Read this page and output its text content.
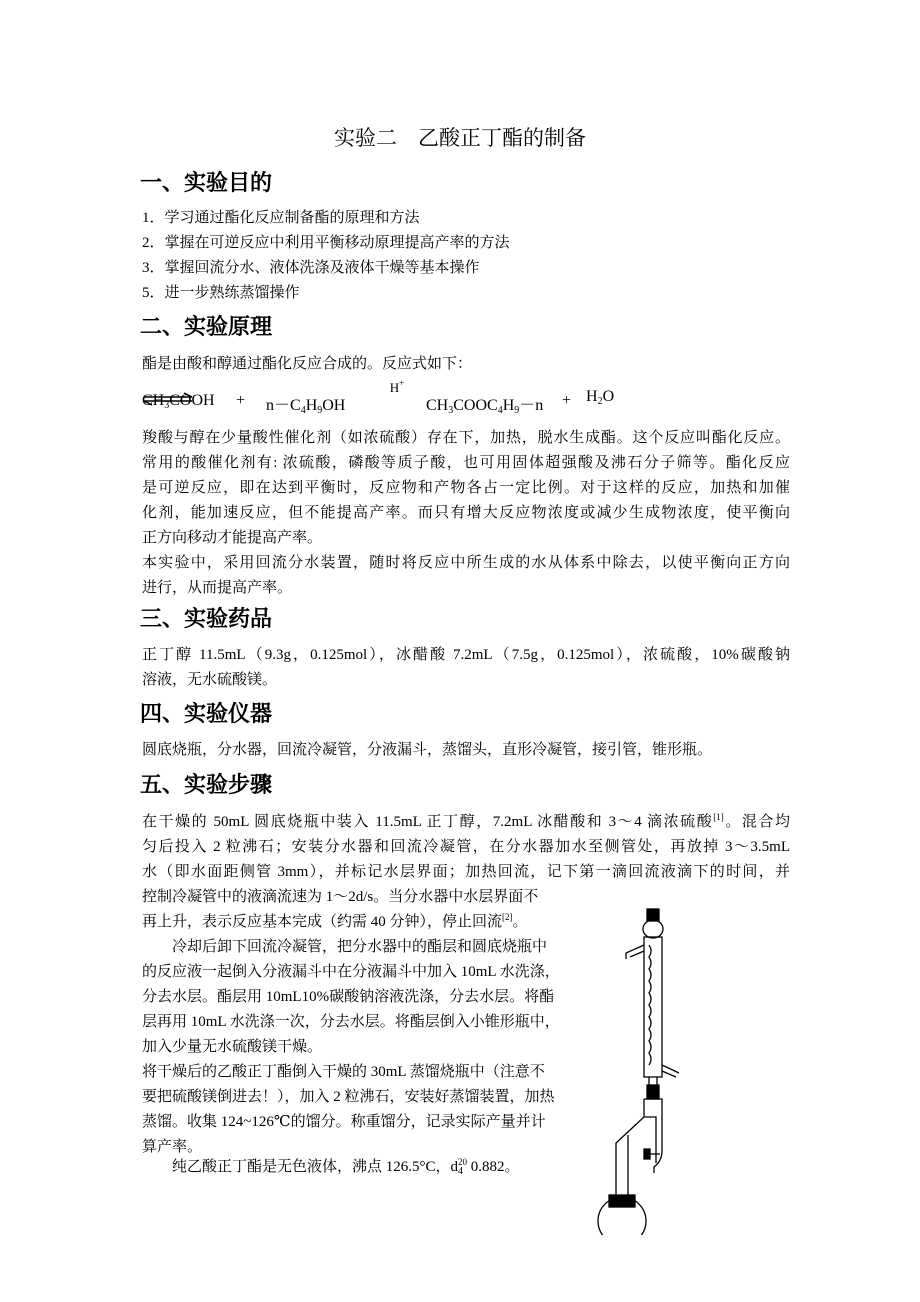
实验二　乙酸正丁酯的制备
一、实验目的
1．学习通过酯化反应制备酯的原理和方法
2．掌握在可逆反应中利用平衡移动原理提高产率的方法
3．掌握回流分水、液体洗涤及液体干燥等基本操作
5．进一步熟练蒸馏操作
二、实验原理
酯是由酸和醇通过酯化反应合成的。反应式如下：
$CH_3COOH + n-C_4H_9OH$
H+
$CH_3COOC_4H_9-n + H_2O$
羧酸与醇在少量酸性催化剂（如浓硫酸）存在下，加热，脱水生成酯。这个反应叫酯化反应。
常用的酸催化剂有: 浓硫酸，磷酸等质子酸，也可用固体超强酸及沸石分子筛等。酯化反应
是可逆反应，即在达到平衡时，反应物和产物各占一定比例。对于这样的反应，加热和加催
化剂，能加速反应，但不能提高产率。而只有增大反应物浓度或减少生成物浓度，使平衡向
正方向移动才能提高产率。
本实验中，采用回流分水装置，随时将反应中所生成的水从体系中除去，以使平衡向正方向
进行，从而提高产率。
三、实验药品
正丁醇 11.5mL（9.3g，0.125mol），冰醋酸 7.2mL（7.5g，0.125mol），浓硫酸，10%碳酸钠
溶液，无水硫酸镁。
四、实验仪器
圆底烧瓶，分水器，回流冷凝管，分液漏斗，蒸馏头，直形冷凝管，接引管，锥形瓶。
五、实验步骤
在干燥的 50mL 圆底烧瓶中装入 11.5mL 正丁醇，7.2mL 冰醋酸和 3～4 滴浓硫酸[1]。混合均
匀后投入 2 粒沸石；安装分水器和回流冷凝管，在分水器加水至侧管处，再放掉 3～3.5mL
水（即水面距侧管 3mm），并标记水层界面；加热回流，记下第一滴回流液滴下的时间，并
控制冷凝管中的液滴流速为 1～2d/s。当分水器中水层界面不
再上升，表示反应基本完成（约需 40 分钟），停止回流[2]。
冷却后卸下回流冷凝管，把分水器中的酯层和圆底烧瓶中
的反应液一起倒入分液漏斗中在分液漏斗中加入 10mL 水洗涤，
分去水层。酯层用 10mL10%碳酸钠溶液洗涤，分去水层。将酯
层再用 10mL 水洗涤一次，分去水层。将酯层倒入小锥形瓶中，
加入少量无水硫酸镁干燥。
将干燥后的乙酸正丁酯倒入干燥的 30mL 蒸馏烧瓶中（注意不
要把硫酸镁倒进去！），加入 2 粒沸石，安装好蒸馏装置，加热
蒸馏。收集 124~126℃的馏分。称重馏分，记录实际产量并计
算产率。
纯乙酸正丁酯是无色液体，沸点 126.5°C，$d_4^{20}$ 0.882。
